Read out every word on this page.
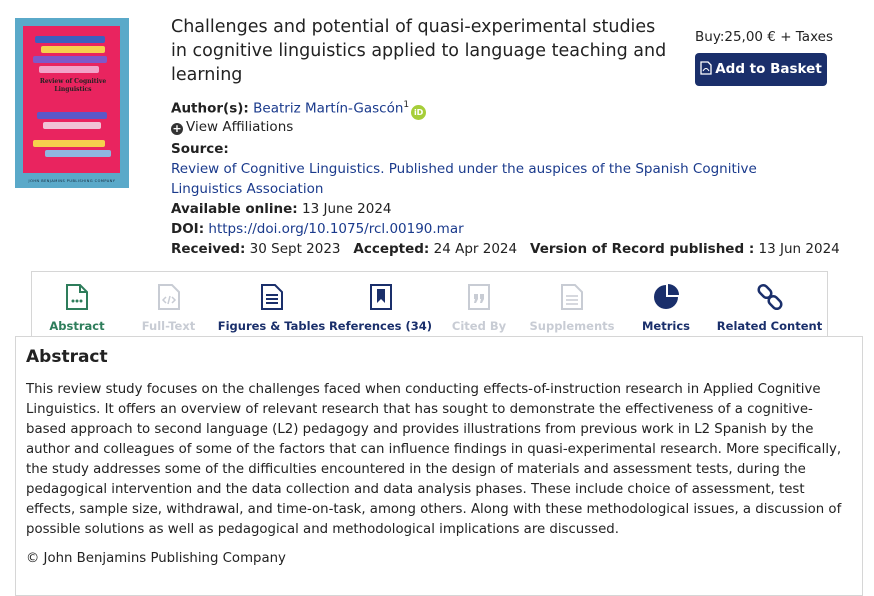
Review of Cognitive Linguistics
JOHN BENJAMINS PUBLISHING COMPANY
Challenges and potential of quasi-experimental studies in cognitive linguistics applied to language teaching and learning
Author(s): Beatriz Martín-Gascón$^1$iD
+ View Affiliations
Source:
Review of Cognitive Linguistics. Published under the auspices of the Spanish Cognitive Linguistics Association
Available online: 13 June 2024
DOI: https://doi.org/10.1075/rcl.00190.mar
Received: 30 Sept 2023 Accepted: 24 Apr 2024 Version of Record published : 13 Jun 2024
Buy:25,00 € + Taxes
Add to Basket
Abstract	Full-Text Figures & Tables References (34) Cited By Supplements Metrics Related Content
Abstract
This review study focuses on the challenges faced when conducting effects-of-instruction research in Applied Cognitive Linguistics. It offers an overview of relevant research that has sought to demonstrate the effectiveness of a cognitive-based approach to second language (L2) pedagogy and provides illustrations from previous work in L2 Spanish by the author and colleagues of some of the factors that can influence findings in quasi-experimental research. More specifically, the study addresses some of the difficulties encountered in the design of materials and assessment tests, during the pedagogical intervention and the data collection and data analysis phases. These include choice of assessment, test effects, sample size, withdrawal, and time-on-task, among others. Along with these methodological issues, a discussion of possible solutions as well as pedagogical and methodological implications are discussed.
© John Benjamins Publishing Company
